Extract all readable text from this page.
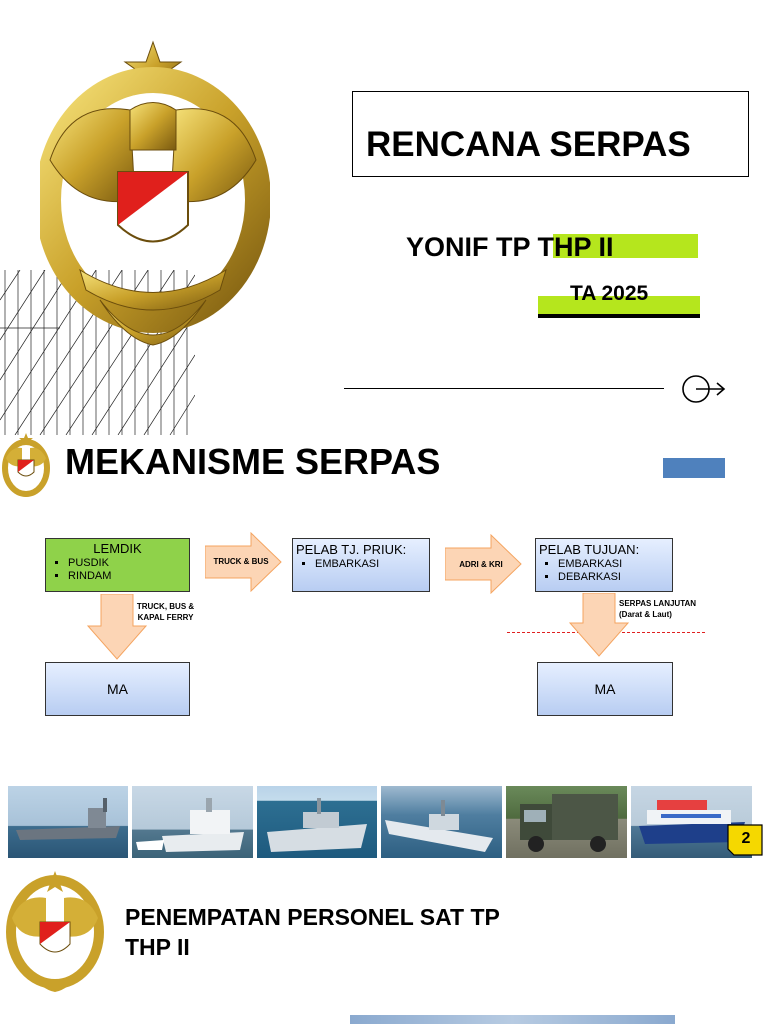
RENCANA SERPAS
YONIF TP THP II
TA 2025
MEKANISME SERPAS
LEMDIK
▪ PUSDIK
▪ RINDAM
TRUCK & BUS
PELAB TJ. PRIUK:
▪ EMBARKASI	ADRI & KRI
PELAB TUJUAN:
▪ EMBARKASI
▪ DEBARKASI
TRUCK, BUS &
KAPAL FERRY
SERPAS LANJUTAN
(Darat & Laut)
MA	MA
2
PENEMPATAN PERSONEL SAT TP
THP II
